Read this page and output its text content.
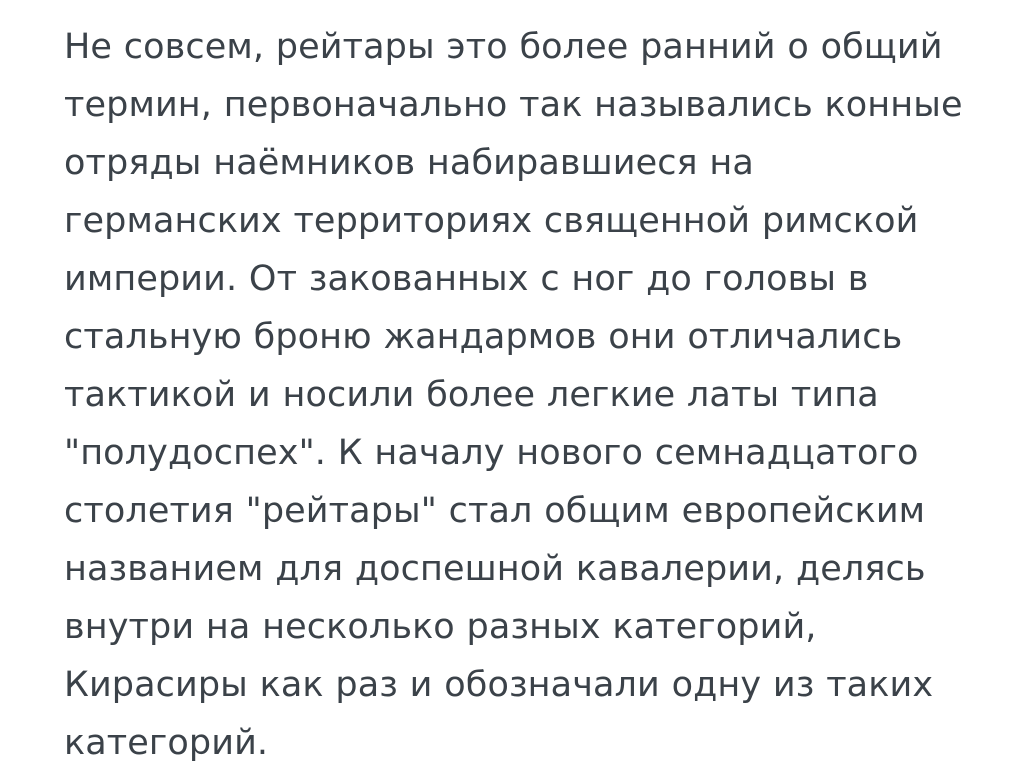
Не совсем, рейтары это более ранний о общий термин, первоначально так назывались конные отряды наёмников набиравшиеся на германских территориях священной римской империи. От закованных с ног до головы в стальную броню жандармов они отличались тактикой и носили более легкие латы типа "полудоспех". К началу нового семнадцатого столетия "рейтары" стал общим европейским названием для доспешной кавалерии, делясь внутри на несколько разных категорий, Кирасиры как раз и обозначали одну из таких категорий.
